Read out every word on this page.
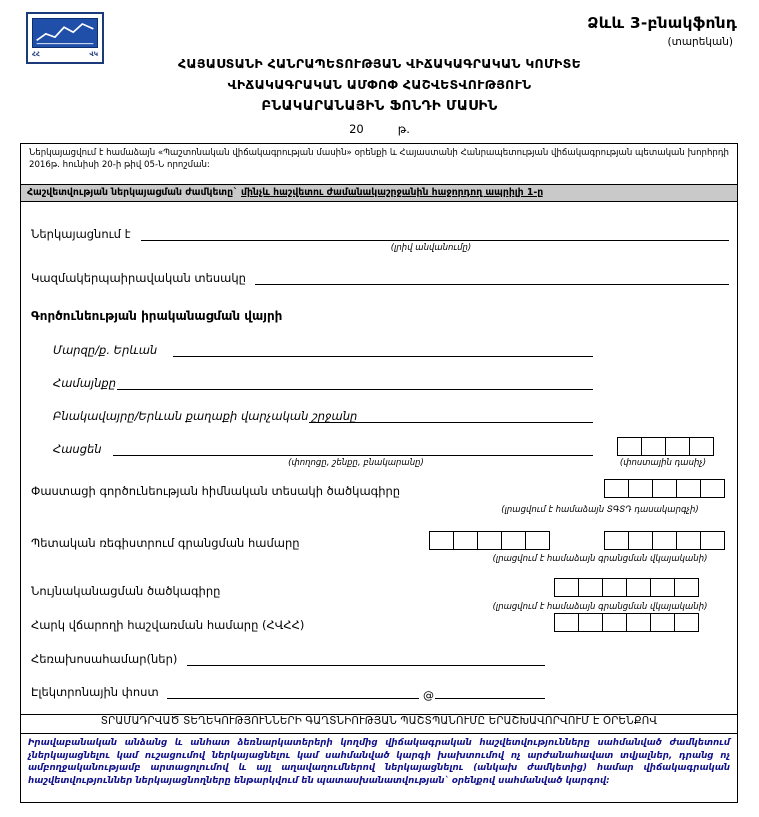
ՀՀ	ՎԿ
Ձևև 3-բնակֆոնդ
(տարեկան)
ՀԱՅԱՍՏԱՆԻ ՀԱՆՐԱՊԵՏՈՒԹՅԱՆ ՎԻՃԱԿԱԳՐԱԿԱՆ ԿՈՄԻՏԵ
ՎԻՃԱԿԱԳՐԱԿԱՆ ԱՄՓՈՓ ՀԱՇՎԵՏՎՈՒԹՅՈՒՆ
ԲՆԱԿԱՐԱՆԱՅԻՆ ՖՈՆԴԻ ՄԱՍԻՆ
20	թ.
Ներկայացվում է համաձայն «Պաշտոնական վիճակագրության մասին» օրենքի և Հայաստանի Հանրապետության վիճակագրության պետական խորհրդի 2016թ. հունիսի 20-ի թիվ 05-Ն որոշման:
Հաշվետվության ներկայացման ժամկետը` մինչև հաշվետու ժամանակաշրջանին հաջորդող ապրիլի 1-ը
Ներկայացնում է
(լրիվ անվանումը)
Կազմակերպաիրավական տեսակը
Գործունեության իրականացման վայրի
Մարզը/ք. Երևան
Համայնքը
Բնակավայրը/Երևան քաղաքի վարչական շրջանը
Հասցեն
(փողոցը, շենքը, բնակարանը)	(փոստային դասիչ)
Փաստացի գործունեության հիմնական տեսակի ծածկագիրը
(լրացվում է համաձայն ՏԳՏԴ դասակարգչի)
Պետական ռեգիստրում գրանցման համարը
(լրացվում է համաձայն գրանցման վկայականի)
Նույնականացման ծածկագիրը
(լրացվում է համաձայն գրանցման վկայականի)
Հարկ վճարողի հաշվառման համարը (ՀՎՀՀ)
Հեռախոսահամար(ներ)
Էլեկտրոնային փոստ	@
ՏՐԱՄԱԴՐՎԱԾ ՏԵՂԵԿՈՒԹՅՈՒՆՆԵՐԻ ԳԱՂՏՆԻՈՒԹՅԱՆ ՊԱՇՏՊԱՆՈՒՄԸ ԵՐԱՇԽԱՎՈՐՎՈՒՄ Է ՕՐԵՆՔՈՎ
Իրավաբանական անձանց և անհատ ձեռնարկատերերի կողմից վիճակագրական հաշվետվությունները սահմանված ժամկետում չներկայացնելու կամ ուշացումով ներկայացնելու կամ սահմանված կարգի խախտումով ոչ արժանահավատ տվյալներ, դրանց ոչ ամբողջականությամբ արտացոլումով և այլ աղավաղումներով ներկայացնելու (անկախ ժամկետից) համար վիճակագրական հաշվետվություններ ներկայացնողները ենթարկվում են պատասխանատվության` օրենքով սահմանված կարգով:
